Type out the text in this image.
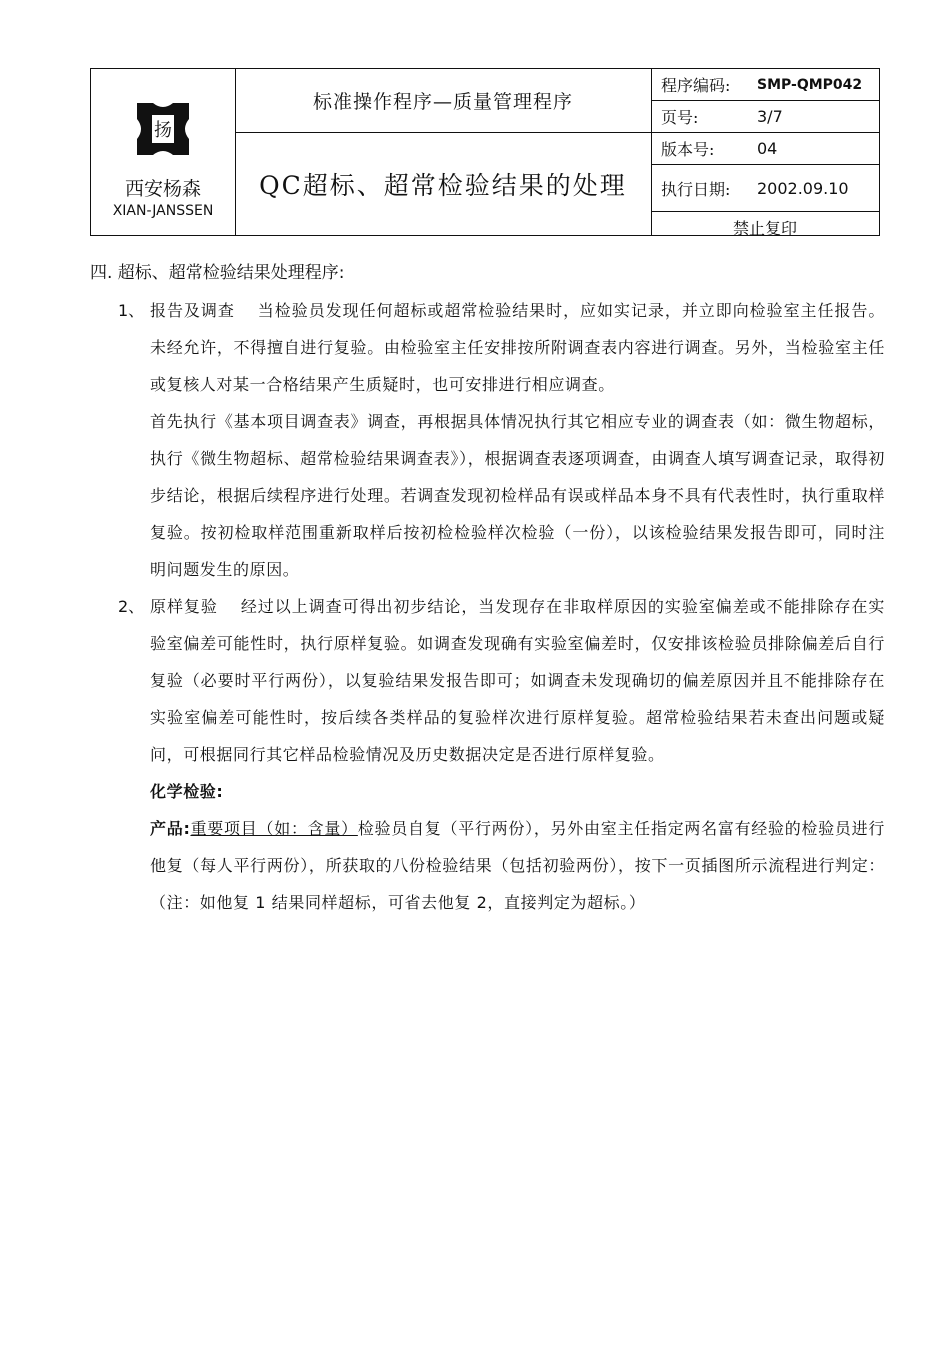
扬
西安杨森
XIAN-JANSSEN
标准操作程序—质量管理程序
QC超标、超常检验结果的处理
程序编码:	SMP-QMP042
页号:	3/7
版本号:	04
执行日期:	2002.09.10
禁止复印
四. 超标、超常检验结果处理程序:
1、 报告及调查　 当检验员发现任何超标或超常检验结果时，应如实记录，并立即向检验室主任报告。未经允许，不得擅自进行复验。由检验室主任安排按所附调查表内容进行调查。另外，当检验室主任或复核人对某一合格结果产生质疑时，也可安排进行相应调查。

首先执行《基本项目调查表》调查，再根据具体情况执行其它相应专业的调查表（如：微生物超标，执行《微生物超标、超常检验结果调查表》），根据调查表逐项调查，由调查人填写调查记录，取得初步结论，根据后续程序进行处理。若调查发现初检样品有误或样品本身不具有代表性时，执行重取样复验。按初检取样范围重新取样后按初检检验样次检验（一份），以该检验结果发报告即可，同时注明问题发生的原因。

2、 原样复验　 经过以上调查可得出初步结论，当发现存在非取样原因的实验室偏差或不能排除存在实验室偏差可能性时，执行原样复验。如调查发现确有实验室偏差时，仅安排该检验员排除偏差后自行复验（必要时平行两份），以复验结果发报告即可；如调查未发现确切的偏差原因并且不能排除存在实验室偏差可能性时，按后续各类样品的复验样次进行原样复验。超常检验结果若未查出问题或疑问，可根据同行其它样品检验情况及历史数据决定是否进行原样复验。

化学检验:

产品:重要项目（如：含量）检验员自复（平行两份），另外由室主任指定两名富有经验的检验员进行他复（每人平行两份），所获取的八份检验结果（包括初验两份），按下一页插图所示流程进行判定：（注：如他复 1 结果同样超标，可省去他复 2，直接判定为超标。）
